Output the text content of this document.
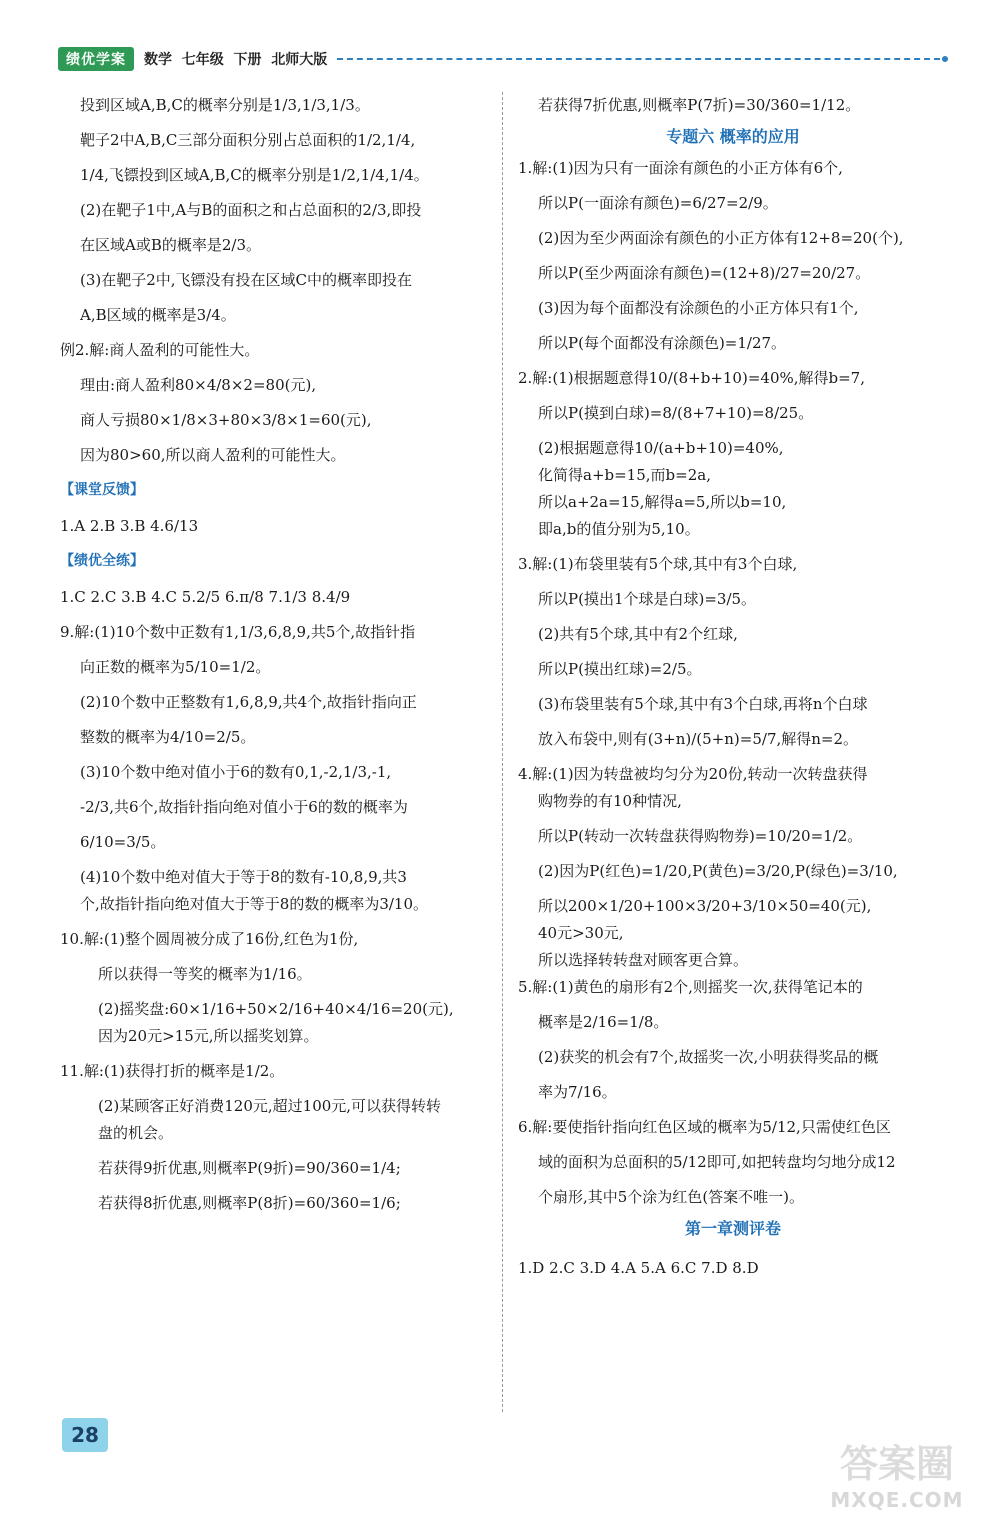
绩优学案	数学  七年级  下册  北师大版
投到区域A,B,C的概率分别是1/3,1/3,1/3。
靶子2中A,B,C三部分面积分别占总面积的1/2,1/4,
1/4,飞镖投到区域A,B,C的概率分别是1/2,1/4,1/4。
(2)在靶子1中,A与B的面积之和占总面积的2/3,即投
在区域A或B的概率是2/3。
(3)在靶子2中,飞镖没有投在区域C中的概率即投在
A,B区域的概率是3/4。
例2.解:商人盈利的可能性大。
理由:商人盈利80×4/8×2=80(元),
商人亏损80×1/8×3+80×3/8×1=60(元),
因为80>60,所以商人盈利的可能性大。
【课堂反馈】
1.A 2.B 3.B 4.6/13
【绩优全练】
1.C 2.C 3.B 4.C 5.2/5 6.π/8 7.1/3 8.4/9
9.解:(1)10个数中正数有1,1/3,6,8,9,共5个,故指针指
向正数的概率为5/10=1/2。
(2)10个数中正整数有1,6,8,9,共4个,故指针指向正
整数的概率为4/10=2/5。
(3)10个数中绝对值小于6的数有0,1,-2,1/3,-1,
-2/3,共6个,故指针指向绝对值小于6的数的概率为
6/10=3/5。
(4)10个数中绝对值大于等于8的数有-10,8,9,共3
个,故指针指向绝对值大于等于8的数的概率为3/10。
10.解:(1)整个圆周被分成了16份,红色为1份,
所以获得一等奖的概率为1/16。
(2)摇奖盘:60×1/16+50×2/16+40×4/16=20(元),
因为20元>15元,所以摇奖划算。
11.解:(1)获得打折的概率是1/2。
(2)某顾客正好消费120元,超过100元,可以获得转转
盘的机会。
若获得9折优惠,则概率P(9折)=90/360=1/4;
若获得8折优惠,则概率P(8折)=60/360=1/6;
若获得7折优惠,则概率P(7折)=30/360=1/12。
专题六 概率的应用
1.解:(1)因为只有一面涂有颜色的小正方体有6个,
所以P(一面涂有颜色)=6/27=2/9。
(2)因为至少两面涂有颜色的小正方体有12+8=20(个),
所以P(至少两面涂有颜色)=(12+8)/27=20/27。
(3)因为每个面都没有涂颜色的小正方体只有1个,
所以P(每个面都没有涂颜色)=1/27。
2.解:(1)根据题意得10/(8+b+10)=40%,解得b=7,
所以P(摸到白球)=8/(8+7+10)=8/25。
(2)根据题意得10/(a+b+10)=40%,
化简得a+b=15,而b=2a,
所以a+2a=15,解得a=5,所以b=10,
即a,b的值分别为5,10。
3.解:(1)布袋里装有5个球,其中有3个白球,
所以P(摸出1个球是白球)=3/5。
(2)共有5个球,其中有2个红球,
所以P(摸出红球)=2/5。
(3)布袋里装有5个球,其中有3个白球,再将n个白球
放入布袋中,则有(3+n)/(5+n)=5/7,解得n=2。
4.解:(1)因为转盘被均匀分为20份,转动一次转盘获得
购物券的有10种情况,
所以P(转动一次转盘获得购物券)=10/20=1/2。
(2)因为P(红色)=1/20,P(黄色)=3/20,P(绿色)=3/10,
所以200×1/20+100×3/20+3/10×50=40(元),
40元>30元,
所以选择转转盘对顾客更合算。
5.解:(1)黄色的扇形有2个,则摇奖一次,获得笔记本的
概率是2/16=1/8。
(2)获奖的机会有7个,故摇奖一次,小明获得奖品的概
率为7/16。
6.解:要使指针指向红色区域的概率为5/12,只需使红色区
域的面积为总面积的5/12即可,如把转盘均匀地分成12
个扇形,其中5个涂为红色(答案不唯一)。
第一章测评卷
1.D 2.C 3.D 4.A 5.A 6.C 7.D 8.D
28
答案圈
MXQE.COM
